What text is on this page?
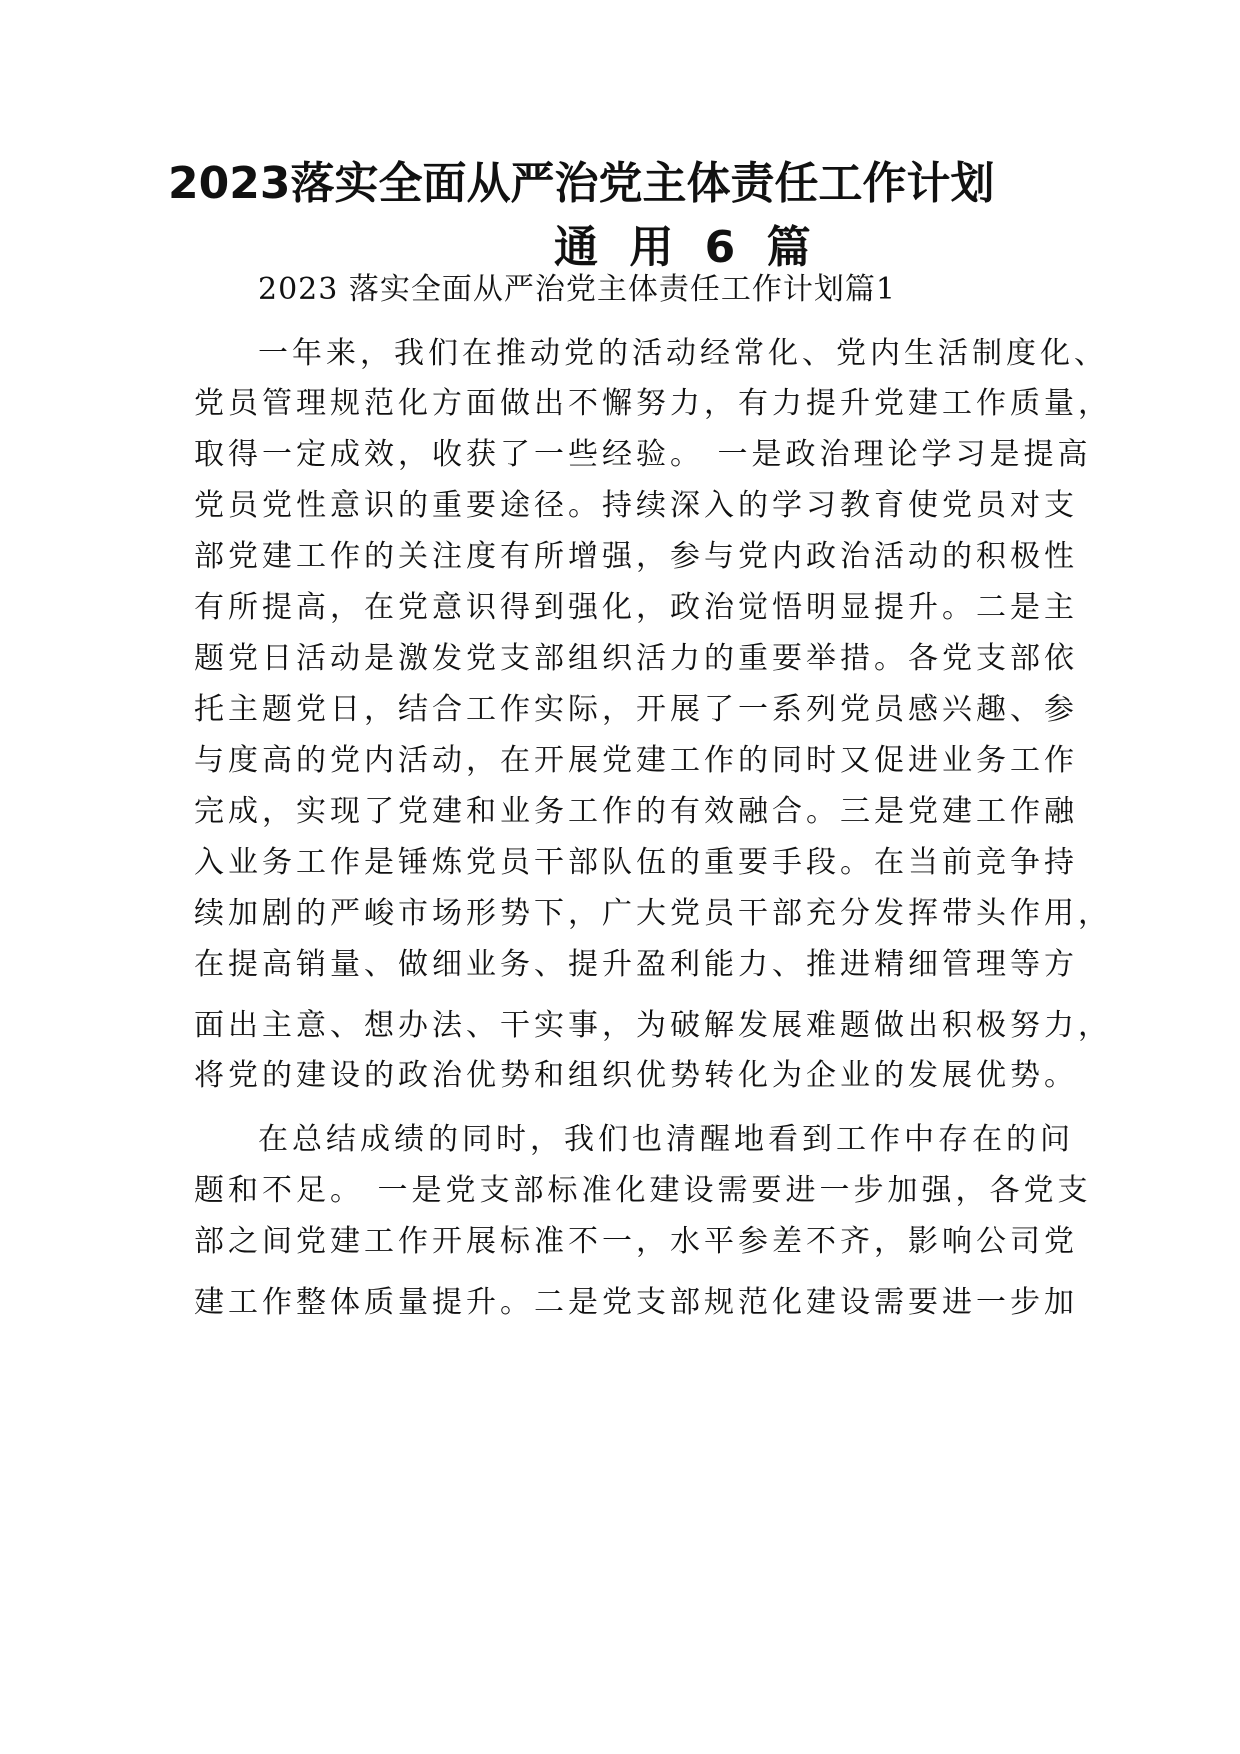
2023落实全面从严治党主体责任工作计划
通 用 6 篇
2023 落实全面从严治党主体责任工作计划篇1
一年来，我们在推动党的活动经常化、党内生活制度化、
党员管理规范化方面做出不懈努力，有力提升党建工作质量，
取得一定成效，收获了一些经验。 一是政治理论学习是提高
党员党性意识的重要途径。持续深入的学习教育使党员对支
部党建工作的关注度有所增强，参与党内政治活动的积极性
有所提高，在党意识得到强化，政治觉悟明显提升。二是主
题党日活动是激发党支部组织活力的重要举措。各党支部依
托主题党日，结合工作实际，开展了一系列党员感兴趣、参
与度高的党内活动，在开展党建工作的同时又促进业务工作
完成，实现了党建和业务工作的有效融合。三是党建工作融
入业务工作是锤炼党员干部队伍的重要手段。在当前竞争持
续加剧的严峻市场形势下，广大党员干部充分发挥带头作用，
在提高销量、做细业务、提升盈利能力、推进精细管理等方
面出主意、想办法、干实事，为破解发展难题做出积极努力，
将党的建设的政治优势和组织优势转化为企业的发展优势。
在总结成绩的同时，我们也清醒地看到工作中存在的问
题和不足。 一是党支部标准化建设需要进一步加强，各党支
部之间党建工作开展标准不一，水平参差不齐，影响公司党
建工作整体质量提升。二是党支部规范化建设需要进一步加
